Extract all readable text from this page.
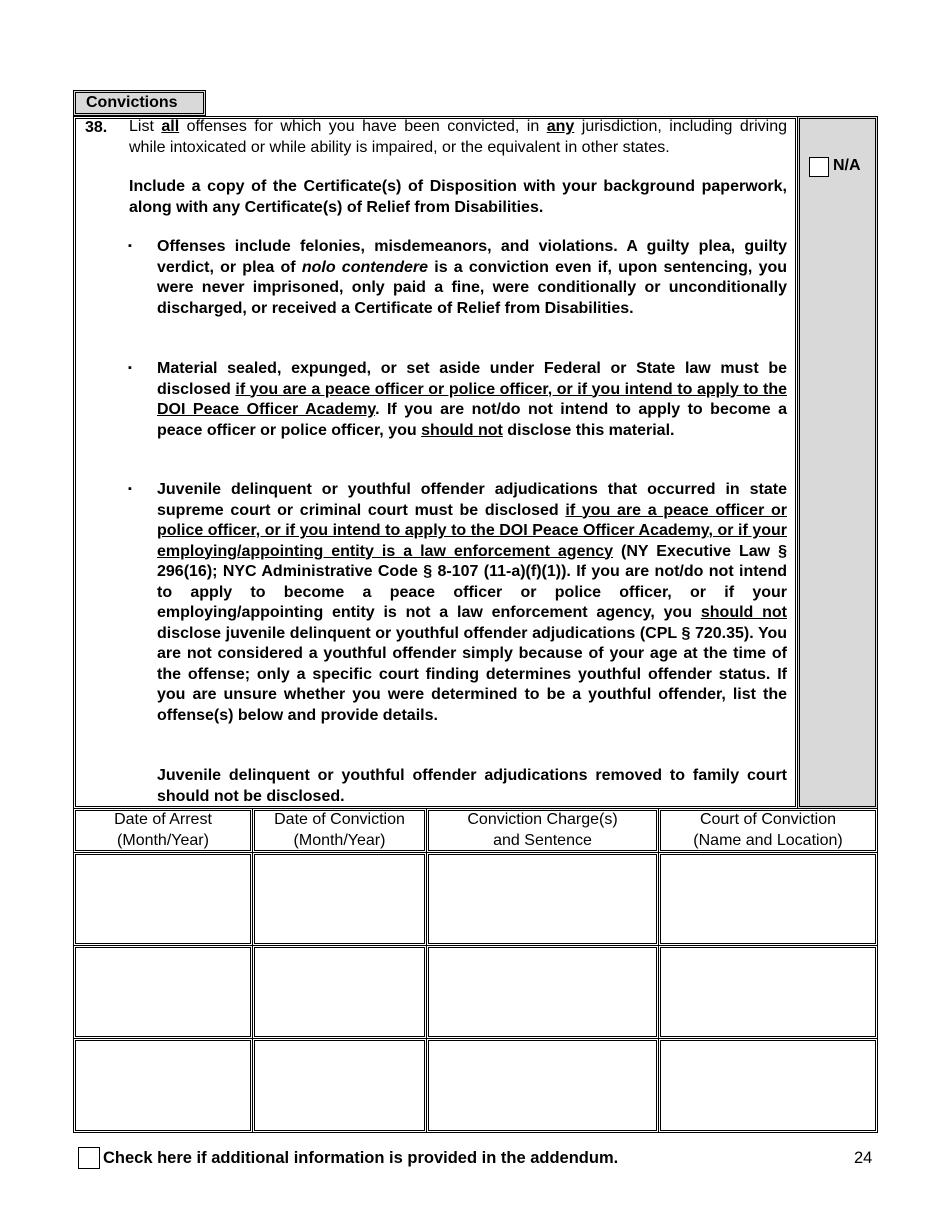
Convictions
38. List all offenses for which you have been convicted, in any jurisdiction, including driving while intoxicated or while ability is impaired, or the equivalent in other states.
Include a copy of the Certificate(s) of Disposition with your background paperwork, along with any Certificate(s) of Relief from Disabilities.
▪ Offenses include felonies, misdemeanors, and violations. A guilty plea, guilty verdict, or plea of nolo contendere is a conviction even if, upon sentencing, you were never imprisoned, only paid a fine, were conditionally or unconditionally discharged, or received a Certificate of Relief from Disabilities.
▪ Material sealed, expunged, or set aside under Federal or State law must be disclosed if you are a peace officer or police officer, or if you intend to apply to the DOI Peace Officer Academy. If you are not/do not intend to apply to become a peace officer or police officer, you should not disclose this material.
▪ Juvenile delinquent or youthful offender adjudications that occurred in state supreme court or criminal court must be disclosed if you are a peace officer or police officer, or if you intend to apply to the DOI Peace Officer Academy, or if your employing/appointing entity is a law enforcement agency (NY Executive Law § 296(16); NYC Administrative Code § 8-107 (11-a)(f)(1)). If you are not/do not intend to apply to become a peace officer or police officer, or if your employing/appointing entity is not a law enforcement agency, you should not disclose juvenile delinquent or youthful offender adjudications (CPL § 720.35). You are not considered a youthful offender simply because of your age at the time of the offense; only a specific court finding determines youthful offender status. If you are unsure whether you were determined to be a youthful offender, list the offense(s) below and provide details.
Juvenile delinquent or youthful offender adjudications removed to family court should not be disclosed.
N/A
Date of Arrest
(Month/Year)
Date of Conviction
(Month/Year)
Conviction Charge(s)
and Sentence
Court of Conviction
(Name and Location)
Check here if additional information is provided in the addendum.	24
